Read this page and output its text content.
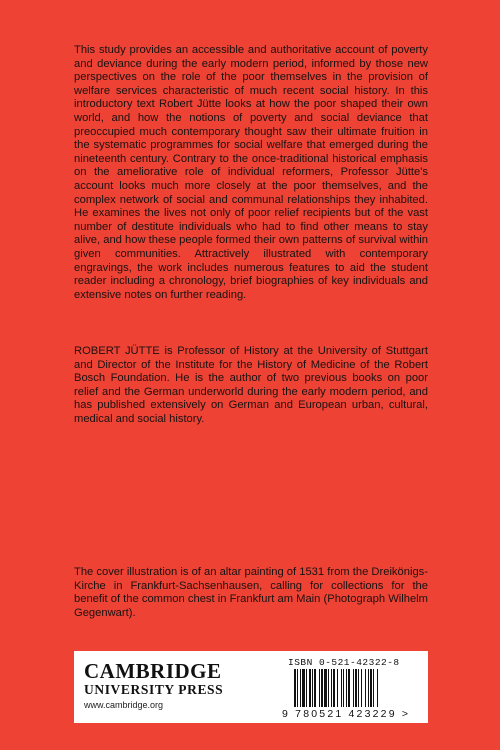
This study provides an accessible and authoritative account of poverty and deviance during the early modern period, informed by those new perspectives on the role of the poor themselves in the provision of welfare services characteristic of much recent social history. In this introductory text Robert Jütte looks at how the poor shaped their own world, and how the notions of poverty and social deviance that preoccupied much contemporary thought saw their ultimate fruition in the systematic programmes for social welfare that emerged during the nineteenth century. Contrary to the once-traditional historical emphasis on the ameliorative role of individual reformers, Professor Jütte's account looks much more closely at the poor themselves, and the complex network of social and communal relationships they inhabited. He examines the lives not only of poor relief recipients but of the vast number of destitute individuals who had to find other means to stay alive, and how these people formed their own patterns of survival within given communities. Attractively illustrated with contemporary engravings, the work includes numerous features to aid the student reader including a chronology, brief biographies of key individuals and extensive notes on further reading.

ROBERT JÜTTE is Professor of History at the University of Stuttgart and Director of the Institute for the History of Medicine of the Robert Bosch Foundation. He is the author of two previous books on poor relief and the German underworld during the early modern period, and has published extensively on German and European urban, cultural, medical and social history.

The cover illustration is of an altar painting of 1531 from the Dreikönigs-Kirche in Frankfurt-Sachsenhausen, calling for collections for the benefit of the common chest in Frankfurt am Main (Photograph Wilhelm Gegenwart).

CAMBRIDGE
UNIVERSITY PRESS
www.cambridge.org
ISBN 0-521-42322-8
9 780521 423229 >
